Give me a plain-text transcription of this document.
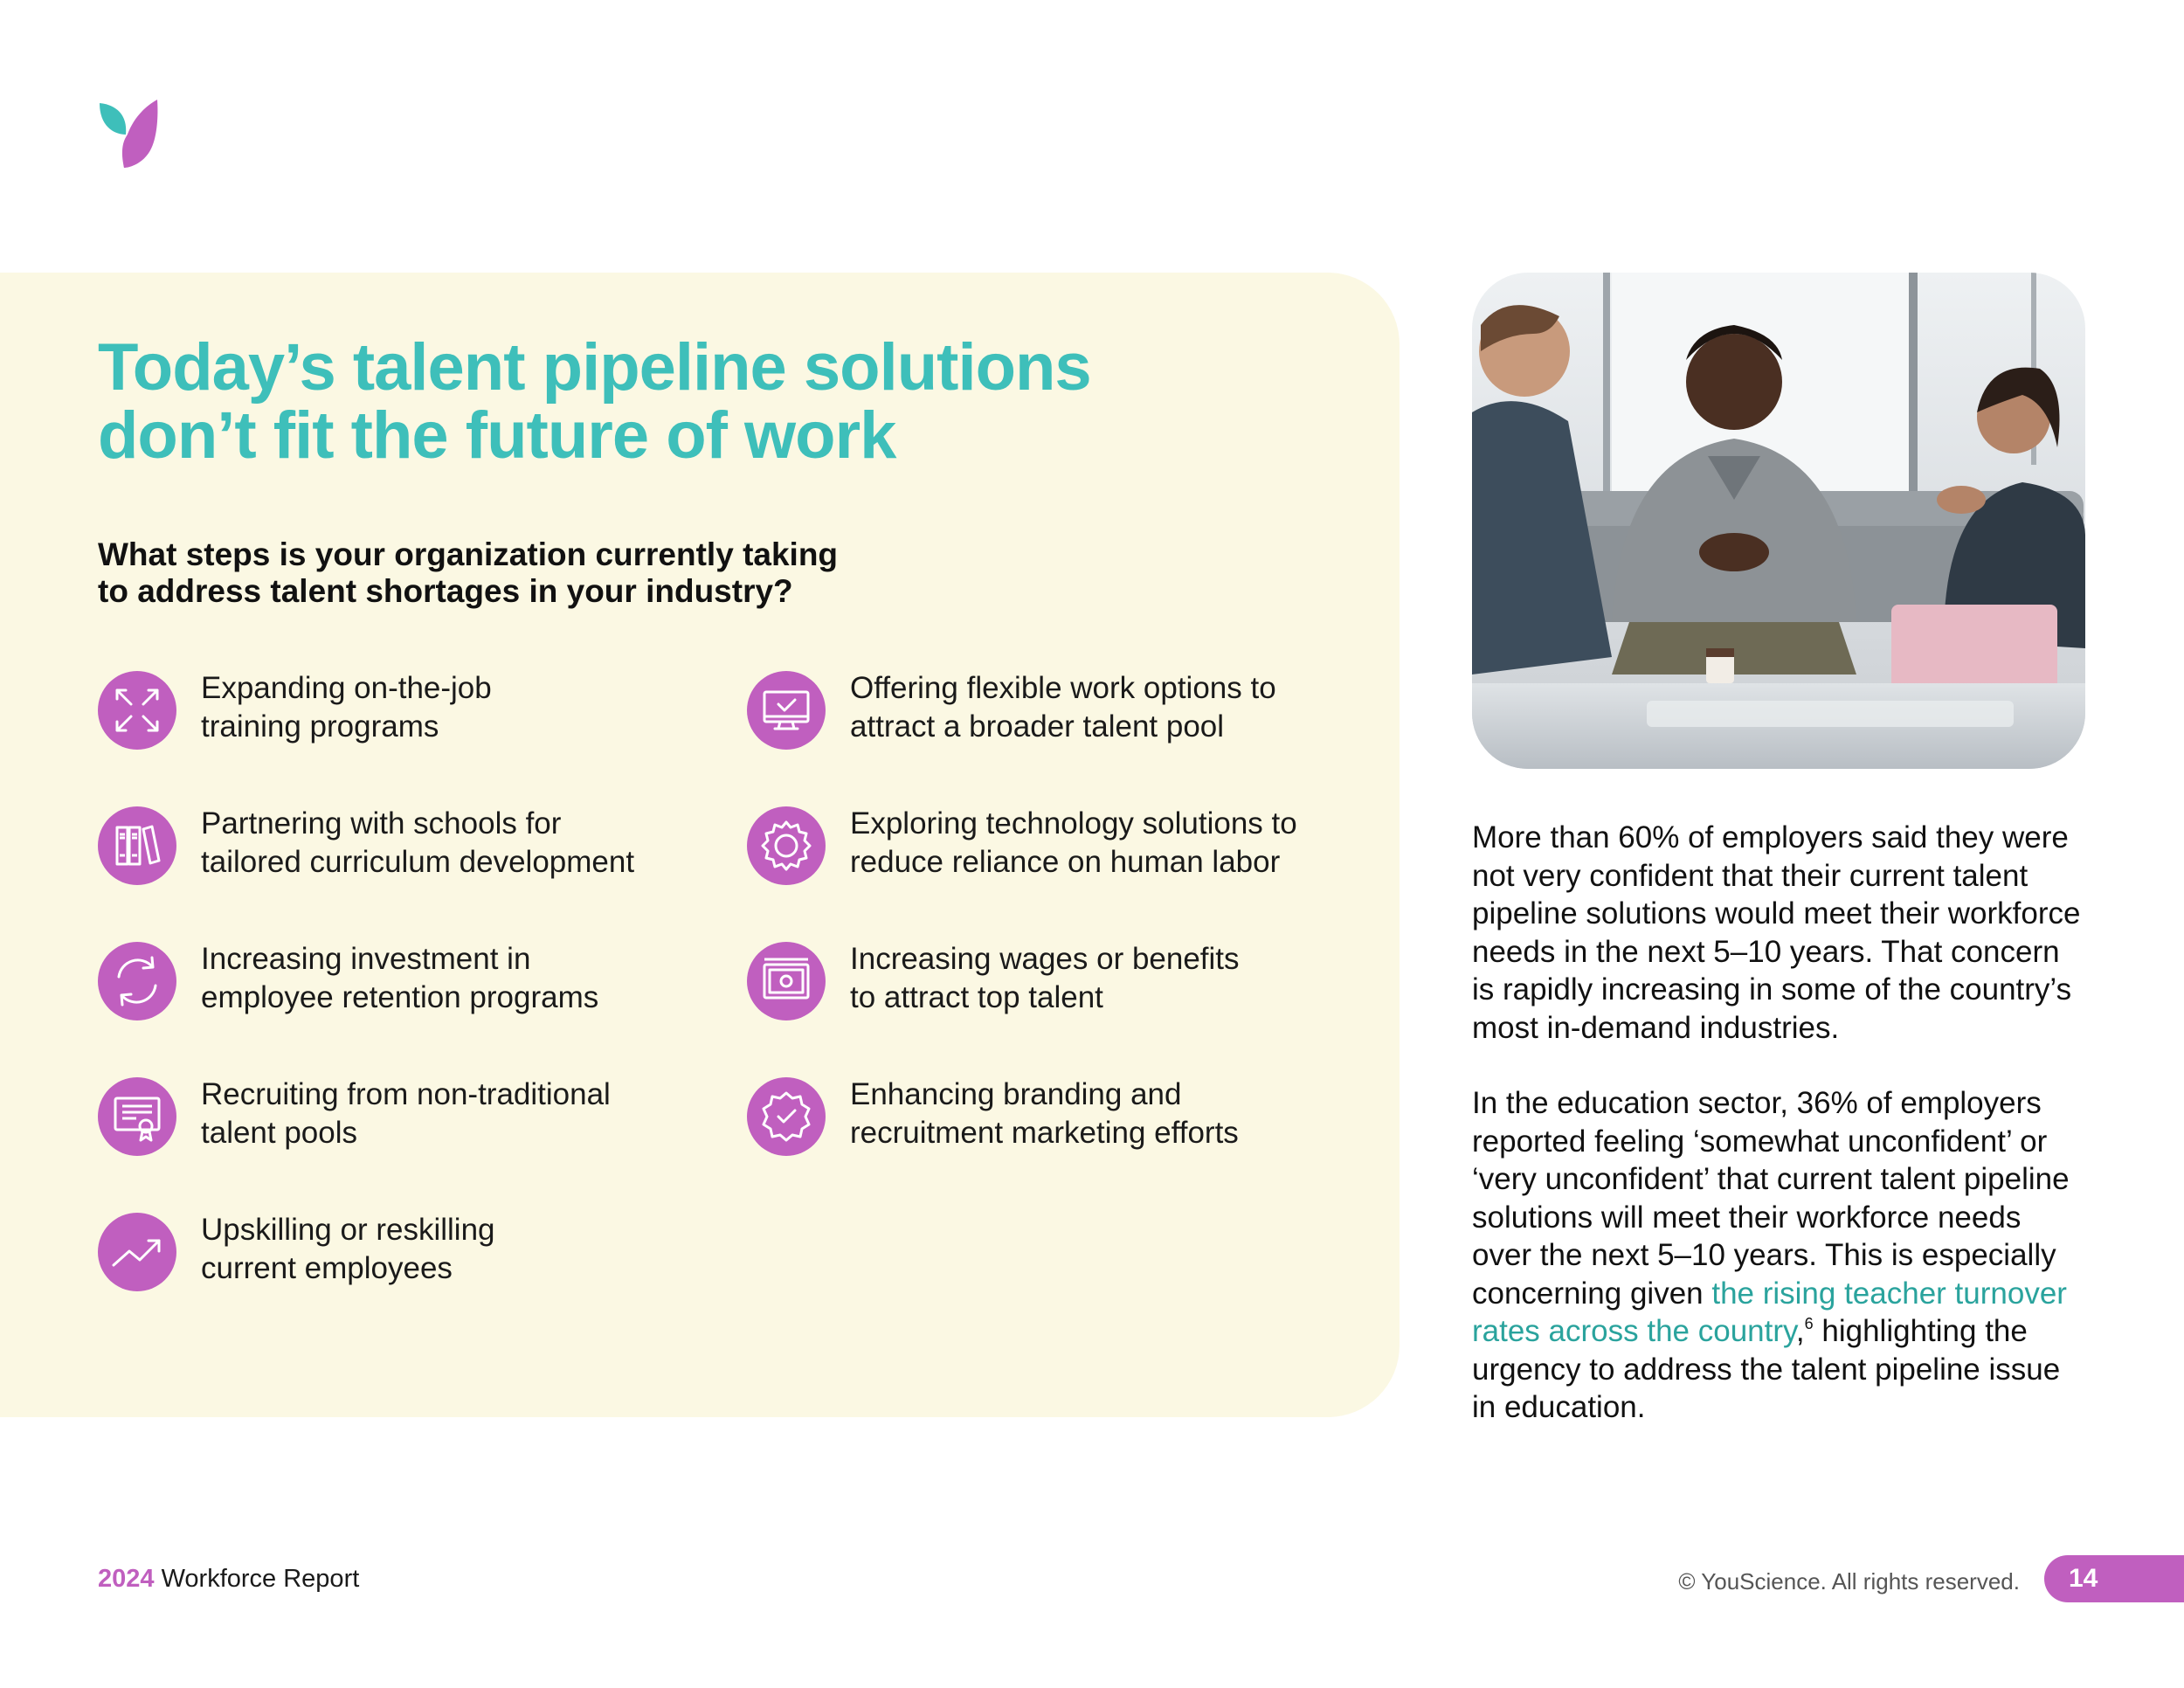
Today’s talent pipeline solutions
don’t fit the future of work
What steps is your organization currently taking
to address talent shortages in your industry?
Expanding on-the-job
training programs
Partnering with schools for
tailored curriculum development
Increasing investment in
employee retention programs
Recruiting from non-traditional
talent pools
Upskilling or reskilling
current employees
Offering flexible work options to
attract a broader talent pool
Exploring technology solutions to
reduce reliance on human labor
Increasing wages or benefits
to attract top talent
Enhancing branding and
recruitment marketing efforts
More than 60% of employers said they were
not very confident that their current talent
pipeline solutions would meet their workforce
needs in the next 5–10 years. That concern
is rapidly increasing in some of the country’s
most in-demand industries.
In the education sector, 36% of employers
reported feeling ‘somewhat unconfident’ or
‘very unconfident’ that current talent pipeline
solutions will meet their workforce needs
over the next 5–10 years. This is especially
concerning given the rising teacher turnover
rates across the country,$^6$ highlighting the
urgency to address the talent pipeline issue
in education.
2024 Workforce Report	© YouScience. All rights reserved.	14
